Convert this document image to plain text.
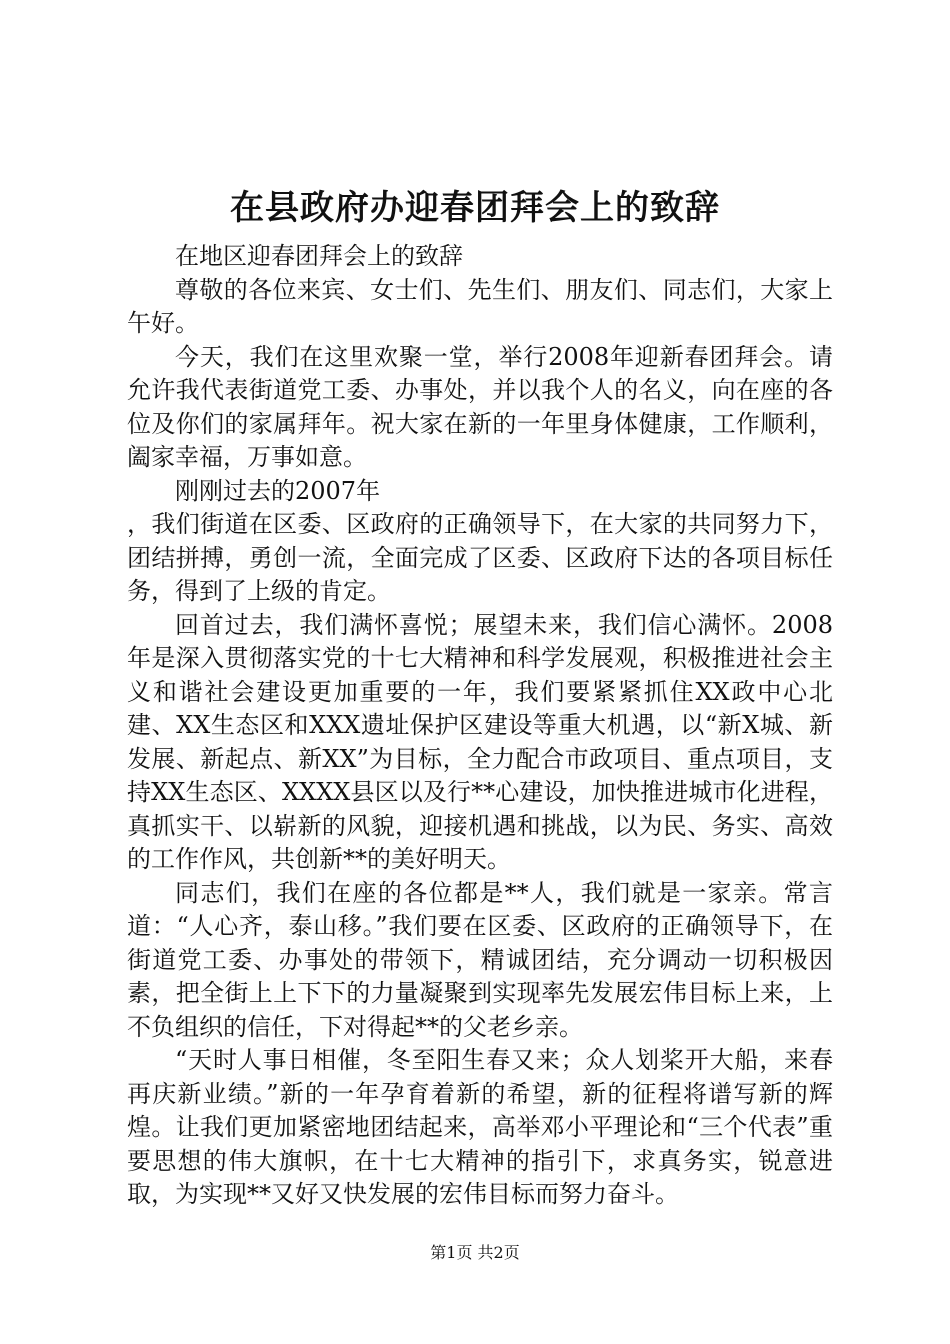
在县政府办迎春团拜会上的致辞

在地区迎春团拜会上的致辞

尊敬的各位来宾、女士们、先生们、朋友们、同志们，大家上午好。

今天，我们在这里欢聚一堂，举行2008年迎新春团拜会。请允许我代表街道党工委、办事处，并以我个人的名义，向在座的各位及你们的家属拜年。祝大家在新的一年里身体健康，工作顺利，阖家幸福，万事如意。

刚刚过去的2007年

，我们街道在区委、区政府的正确领导下，在大家的共同努力下，团结拼搏，勇创一流，全面完成了区委、区政府下达的各项目标任务，得到了上级的肯定。

回首过去，我们满怀喜悦；展望未来，我们信心满怀。2008年是深入贯彻落实党的十七大精神和科学发展观，积极推进社会主义和谐社会建设更加重要的一年，我们要紧紧抓住XX政中心北建、XX生态区和XXX遗址保护区建设等重大机遇，以“新X城、新发展、新起点、新XX”为目标，全力配合市政项目、重点项目，支持XX生态区、XXXX县区以及行**心建设，加快推进城市化进程，真抓实干、以崭新的风貌，迎接机遇和挑战，以为民、务实、高效的工作作风，共创新**的美好明天。

同志们，我们在座的各位都是**人，我们就是一家亲。常言道：“人心齐，泰山移。”我们要在区委、区政府的正确领导下，在街道党工委、办事处的带领下，精诚团结，充分调动一切积极因素，把全街上上下下的力量凝聚到实现率先发展宏伟目标上来，上不负组织的信任，下对得起**的父老乡亲。

“天时人事日相催，冬至阳生春又来；众人划桨开大船，来春再庆新业绩。”新的一年孕育着新的希望，新的征程将谱写新的辉煌。让我们更加紧密地团结起来，高举邓小平理论和“三个代表”重要思想的伟大旗帜，在十七大精神的指引下，求真务实，锐意进取，为实现**又好又快发展的宏伟目标而努力奋斗。

第1页 共2页
